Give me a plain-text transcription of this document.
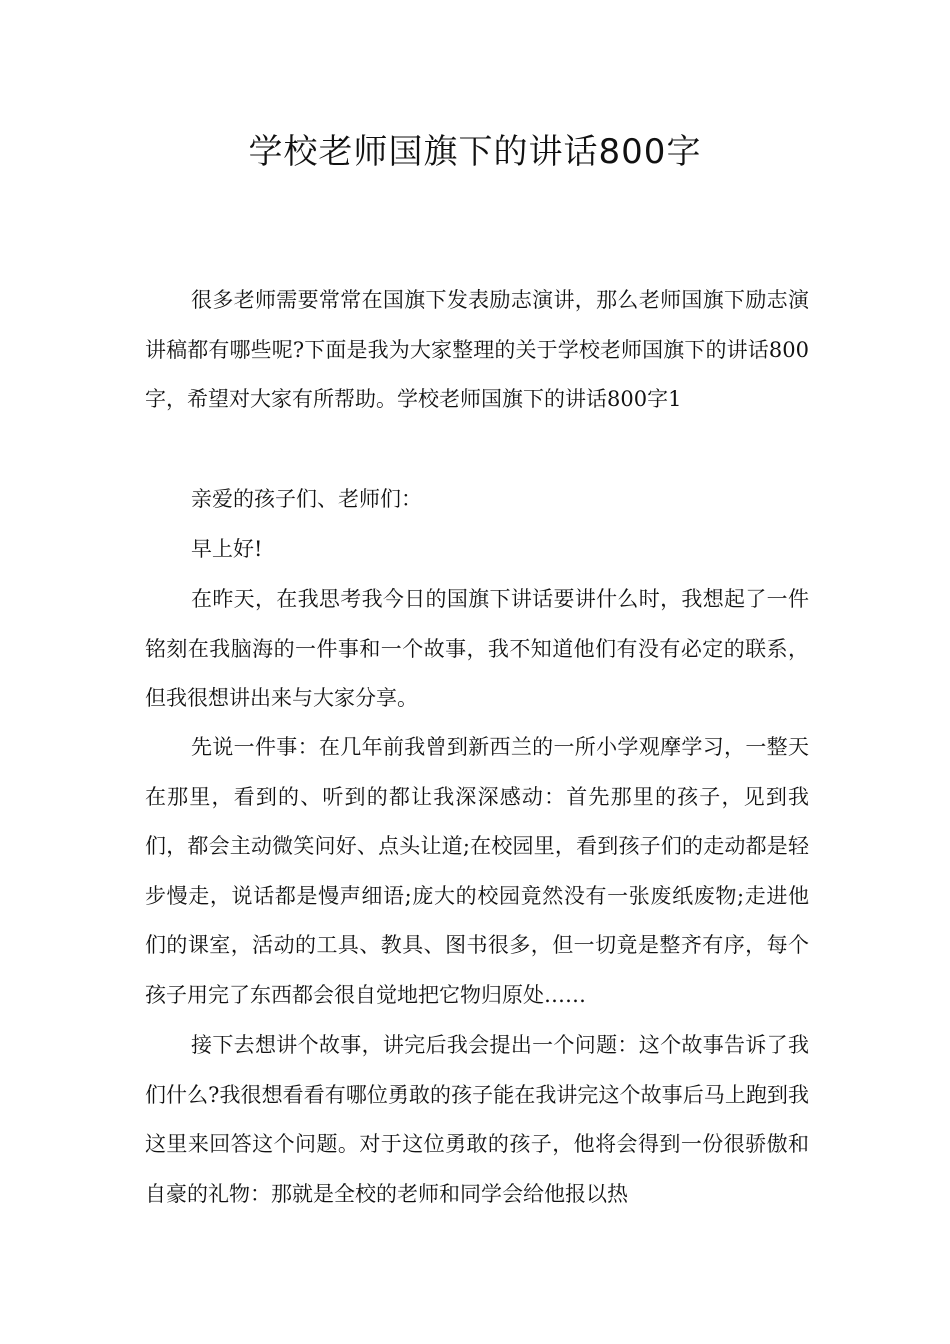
学校老师国旗下的讲话800字

很多老师需要常常在国旗下发表励志演讲，那么老师国旗下励志演讲稿都有哪些呢?下面是我为大家整理的关于学校老师国旗下的讲话800字，希望对大家有所帮助。学校老师国旗下的讲话800字1

亲爱的孩子们、老师们：

早上好!

在昨天，在我思考我今日的国旗下讲话要讲什么时，我想起了一件铭刻在我脑海的一件事和一个故事，我不知道他们有没有必定的联系，但我很想讲出来与大家分享。

先说一件事：在几年前我曾到新西兰的一所小学观摩学习，一整天在那里，看到的、听到的都让我深深感动：首先那里的孩子，见到我们，都会主动微笑问好、点头让道;在校园里，看到孩子们的走动都是轻步慢走，说话都是慢声细语;庞大的校园竟然没有一张废纸废物;走进他们的课室，活动的工具、教具、图书很多，但一切竟是整齐有序，每个孩子用完了东西都会很自觉地把它物归原处……

接下去想讲个故事，讲完后我会提出一个问题：这个故事告诉了我们什么?我很想看看有哪位勇敢的孩子能在我讲完这个故事后马上跑到我这里来回答这个问题。对于这位勇敢的孩子，他将会得到一份很骄傲和自豪的礼物：那就是全校的老师和同学会给他报以热
